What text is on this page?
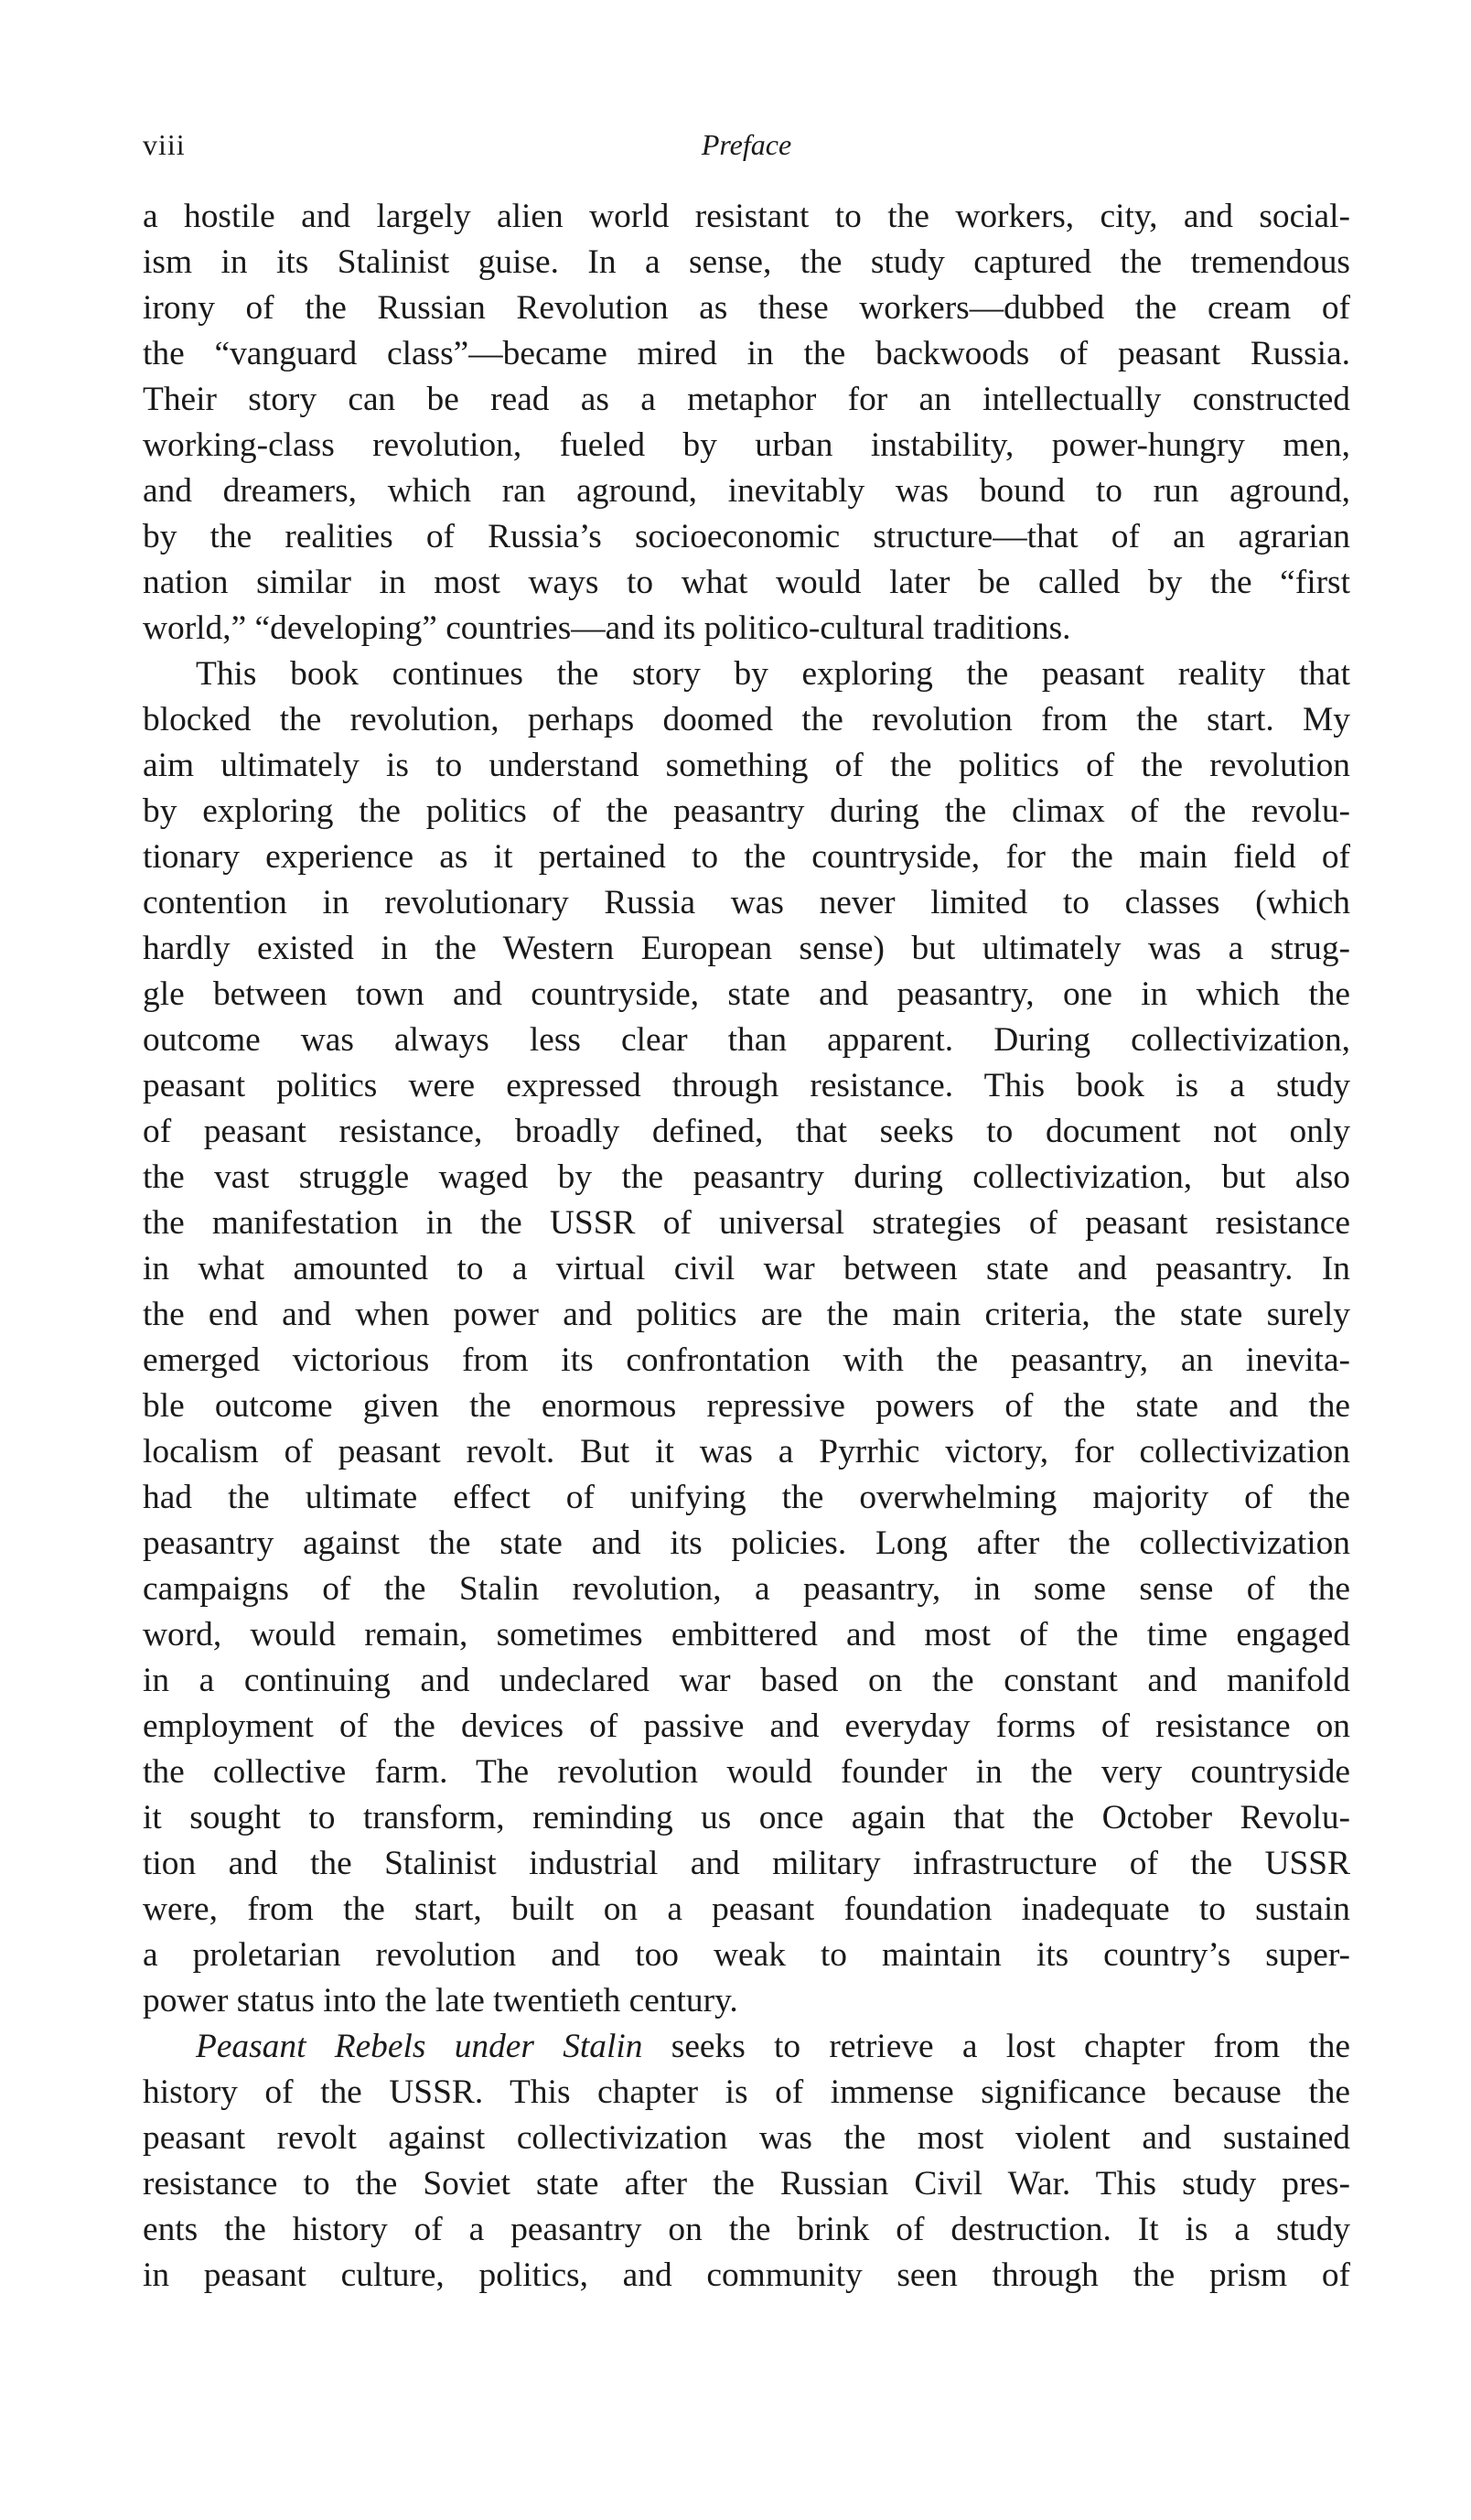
viii	Preface
a hostile and largely alien world resistant to the workers, city, and social-
ism in its Stalinist guise. In a sense, the study captured the tremendous
irony of the Russian Revolution as these workers—dubbed the cream of
the “vanguard class”—became mired in the backwoods of peasant Russia.
Their story can be read as a metaphor for an intellectually constructed
working-class revolution, fueled by urban instability, power-hungry men,
and dreamers, which ran aground, inevitably was bound to run aground,
by the realities of Russia’s socioeconomic structure—that of an agrarian
nation similar in most ways to what would later be called by the “first
world,” “developing” countries—and its politico-cultural traditions.
This book continues the story by exploring the peasant reality that
blocked the revolution, perhaps doomed the revolution from the start. My
aim ultimately is to understand something of the politics of the revolution
by exploring the politics of the peasantry during the climax of the revolu-
tionary experience as it pertained to the countryside, for the main field of
contention in revolutionary Russia was never limited to classes (which
hardly existed in the Western European sense) but ultimately was a strug-
gle between town and countryside, state and peasantry, one in which the
outcome was always less clear than apparent. During collectivization,
peasant politics were expressed through resistance. This book is a study
of peasant resistance, broadly defined, that seeks to document not only
the vast struggle waged by the peasantry during collectivization, but also
the manifestation in the USSR of universal strategies of peasant resistance
in what amounted to a virtual civil war between state and peasantry. In
the end and when power and politics are the main criteria, the state surely
emerged victorious from its confrontation with the peasantry, an inevita-
ble outcome given the enormous repressive powers of the state and the
localism of peasant revolt. But it was a Pyrrhic victory, for collectivization
had the ultimate effect of unifying the overwhelming majority of the
peasantry against the state and its policies. Long after the collectivization
campaigns of the Stalin revolution, a peasantry, in some sense of the
word, would remain, sometimes embittered and most of the time engaged
in a continuing and undeclared war based on the constant and manifold
employment of the devices of passive and everyday forms of resistance on
the collective farm. The revolution would founder in the very countryside
it sought to transform, reminding us once again that the October Revolu-
tion and the Stalinist industrial and military infrastructure of the USSR
were, from the start, built on a peasant foundation inadequate to sustain
a proletarian revolution and too weak to maintain its country’s super-
power status into the late twentieth century.
Peasant Rebels under Stalin seeks to retrieve a lost chapter from the
history of the USSR. This chapter is of immense significance because the
peasant revolt against collectivization was the most violent and sustained
resistance to the Soviet state after the Russian Civil War. This study pres-
ents the history of a peasantry on the brink of destruction. It is a study
in peasant culture, politics, and community seen through the prism of
